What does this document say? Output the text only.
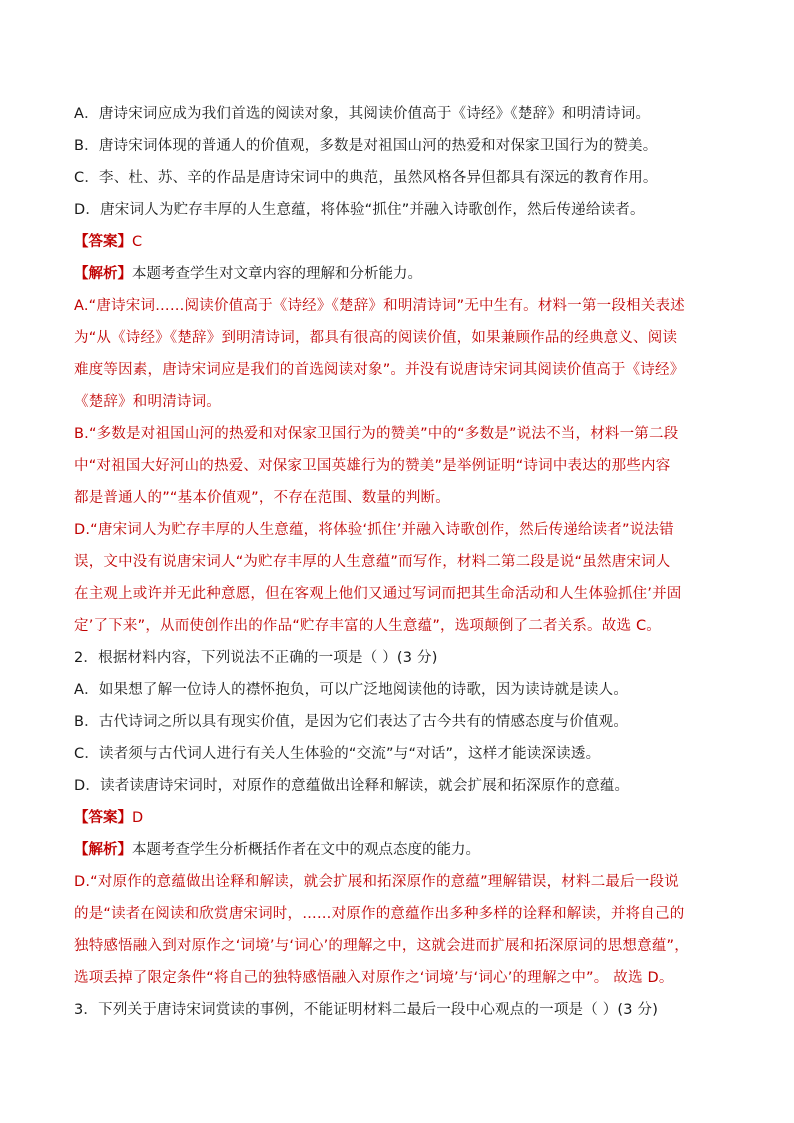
A．唐诗宋词应成为我们首选的阅读对象，其阅读价值高于《诗经》《楚辞》和明清诗词。

B．唐诗宋词体现的普通人的价值观，多数是对祖国山河的热爱和对保家卫国行为的赞美。

C．李、杜、苏、辛的作品是唐诗宋词中的典范，虽然风格各异但都具有深远的教育作用。

D．唐宋词人为贮存丰厚的人生意蕴，将体验“抓住”并融入诗歌创作，然后传递给读者。

【答案】C

【解析】本题考查学生对文章内容的理解和分析能力。

A.“唐诗宋词……阅读价值高于《诗经》《楚辞》和明清诗词”无中生有。材料一第一段相关表述

为“从《诗经》《楚辞》到明清诗词，都具有很高的阅读价值，如果兼顾作品的经典意义、阅读

难度等因素，唐诗宋词应是我们的首选阅读对象”。并没有说唐诗宋词其阅读价值高于《诗经》

《楚辞》和明清诗词。

B.“多数是对祖国山河的热爱和对保家卫国行为的赞美”中的“多数是”说法不当，材料一第二段

中“对祖国大好河山的热爱、对保家卫国英雄行为的赞美”是举例证明“诗词中表达的那些内容

都是普通人的”“基本价值观”，不存在范围、数量的判断。

D.“唐宋词人为贮存丰厚的人生意蕴，将体验‘抓住’并融入诗歌创作，然后传递给读者”说法错

误，文中没有说唐宋词人“为贮存丰厚的人生意蕴”而写作，材料二第二段是说“虽然唐宋词人

在主观上或许并无此种意愿，但在客观上他们又通过写词而把其生命活动和人生体验抓住’并固

定’了下来”，从而使创作出的作品“贮存丰富的人生意蕴”，选项颠倒了二者关系。故选 C。

2．根据材料内容，下列说法不正确的一项是（ ）(3 分)

A．如果想了解一位诗人的襟怀抱负，可以广泛地阅读他的诗歌，因为读诗就是读人。

B．古代诗词之所以具有现实价值，是因为它们表达了古今共有的情感态度与价值观。

C．读者须与古代词人进行有关人生体验的“交流”与“对话”，这样才能读深读透。

D．读者读唐诗宋词时，对原作的意蕴做出诠释和解读，就会扩展和拓深原作的意蕴。

【答案】D

【解析】本题考查学生分析概括作者在文中的观点态度的能力。

D.“对原作的意蕴做出诠释和解读，就会扩展和拓深原作的意蕴”理解错误，材料二最后一段说

的是“读者在阅读和欣赏唐宋词时，……对原作的意蕴作出多种多样的诠释和解读，并将自己的

独特感悟融入到对原作之‘词境’与‘词心’的理解之中，这就会进而扩展和拓深原词的思想意蕴”，

选项丢掉了限定条件“将自己的独特感悟融入对原作之‘词境’与‘词心’的理解之中”。 故选 D。

3．下列关于唐诗宋词赏读的事例，不能证明材料二最后一段中心观点的一项是（ ）(3 分)
